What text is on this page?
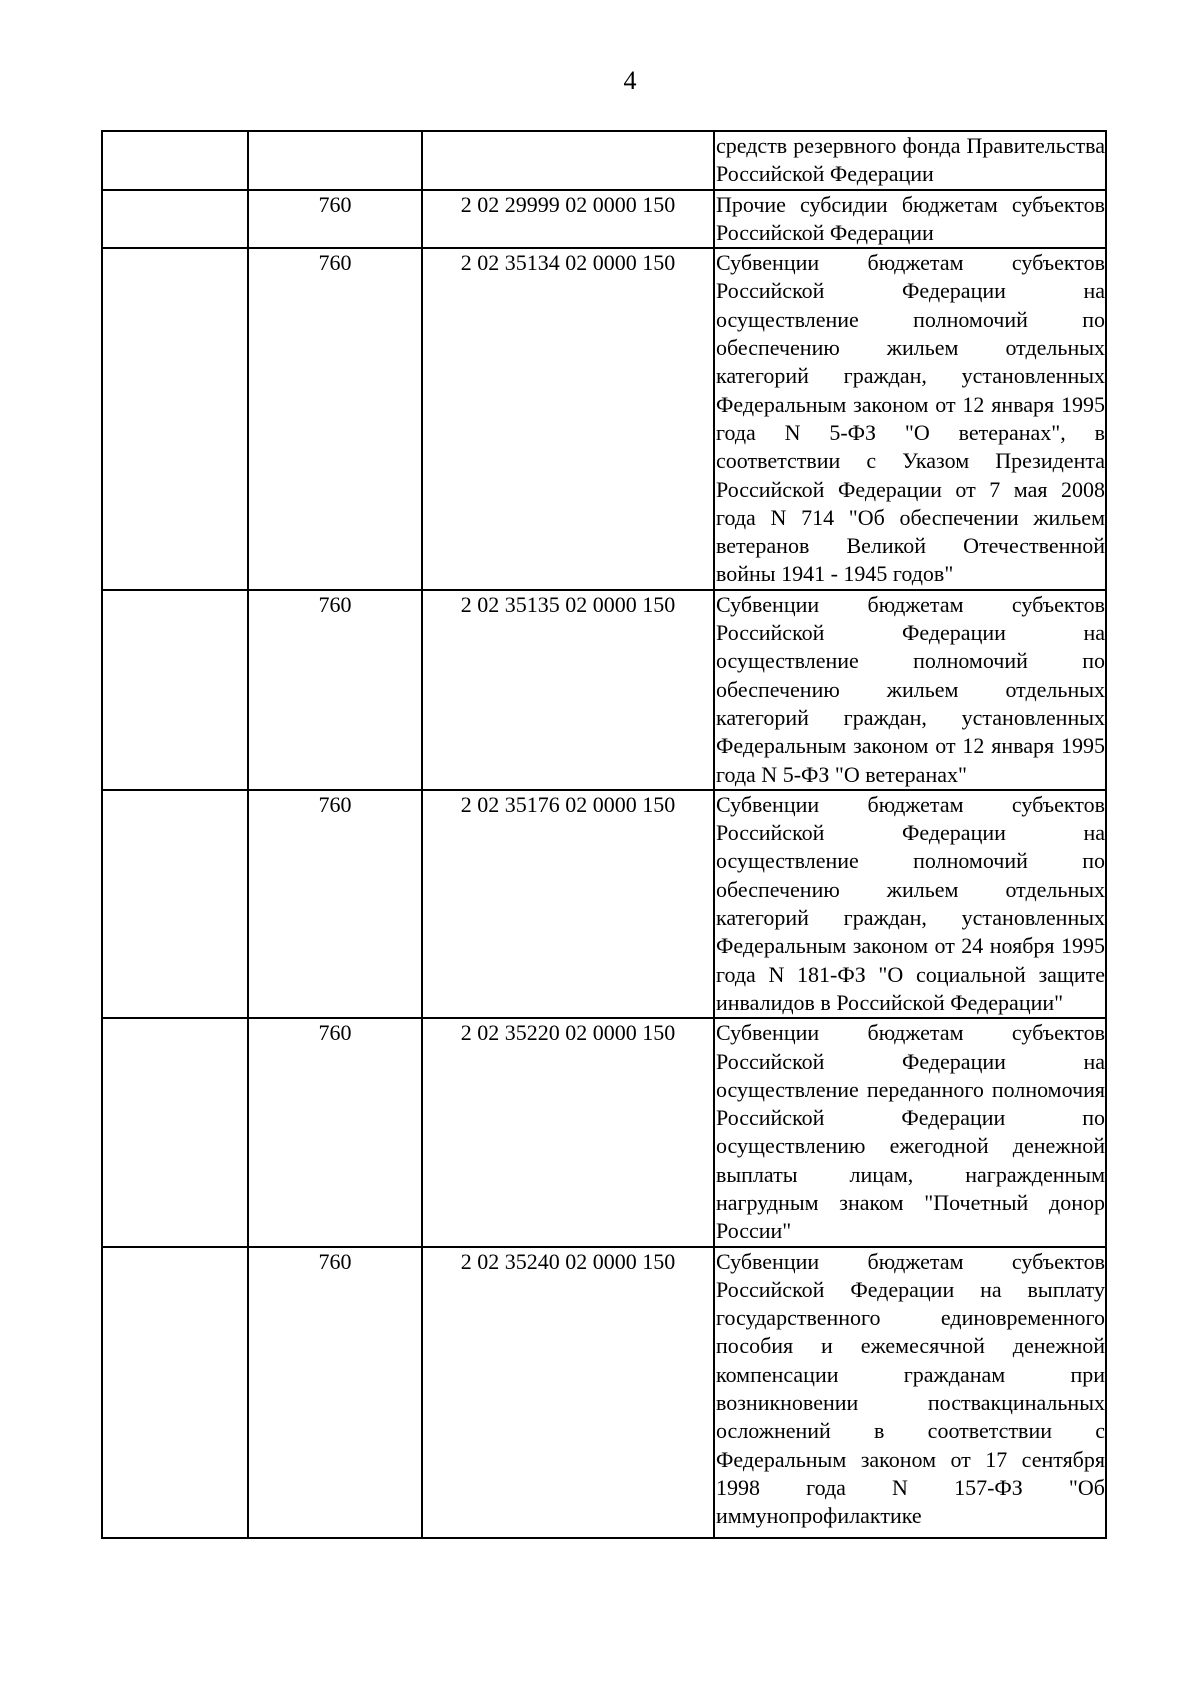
4

			средств резервного фонда Правительства Российской Федерации

	760	2 02 29999 02 0000 150	Прочие субсидии бюджетам субъектов Российской Федерации

	760	2 02 35134 02 0000 150	Субвенции бюджетам субъектов Российской Федерации на осуществление полномочий по обеспечению жильем отдельных категорий граждан, установленных Федеральным законом от 12 января 1995 года N 5-ФЗ "О ветеранах", в соответствии с Указом Президента Российской Федерации от 7 мая 2008 года N 714 "Об обеспечении жильем ветеранов Великой Отечественной войны 1941 - 1945 годов"

	760	2 02 35135 02 0000 150	Субвенции бюджетам субъектов Российской Федерации на осуществление полномочий по обеспечению жильем отдельных категорий граждан, установленных Федеральным законом от 12 января 1995 года N 5-ФЗ "О ветеранах"

	760	2 02 35176 02 0000 150	Субвенции бюджетам субъектов Российской Федерации на осуществление полномочий по обеспечению жильем отдельных категорий граждан, установленных Федеральным законом от 24 ноября 1995 года N 181-ФЗ "О социальной защите инвалидов в Российской Федерации"

	760	2 02 35220 02 0000 150	Субвенции бюджетам субъектов Российской Федерации на осуществление переданного полномочия Российской Федерации по осуществлению ежегодной денежной выплаты лицам, награжденным нагрудным знаком "Почетный донор России"

	760	2 02 35240 02 0000 150	Субвенции бюджетам субъектов Российской Федерации на выплату государственного единовременного пособия и ежемесячной денежной компенсации гражданам при возникновении поствакцинальных осложнений в соответствии с Федеральным законом от 17 сентября 1998 года N 157-ФЗ "Об иммунопрофилактике
